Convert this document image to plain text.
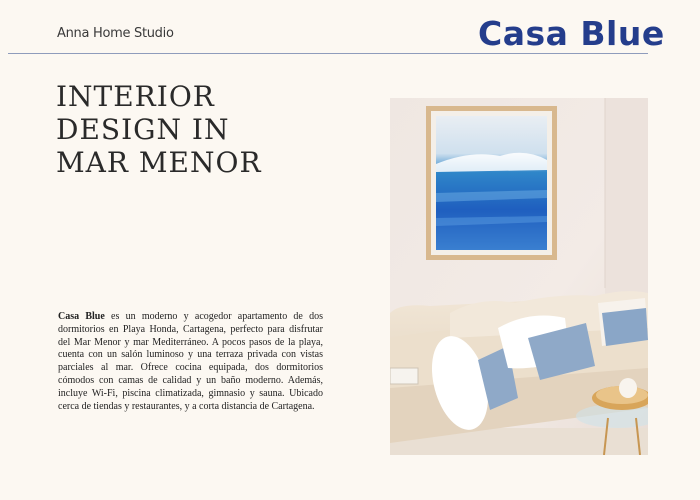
Anna Home Studio	Casa Blue
INTERIOR
DESIGN IN
MAR MENOR

Casa Blue es un moderno y acogedor apartamento de dos dormitorios en Playa Honda, Cartagena, perfecto para disfrutar del Mar Menor y mar Mediterráneo. A pocos pasos de la playa, cuenta con un salón luminoso y una terraza privada con vistas parciales al mar. Ofrece cocina equipada, dos dormitorios cómodos con camas de calidad y un baño moderno. Además, incluye Wi-Fi, piscina climatizada, gimnasio y sauna. Ubicado cerca de tiendas y restaurantes, y a corta distancia de Cartagena.
